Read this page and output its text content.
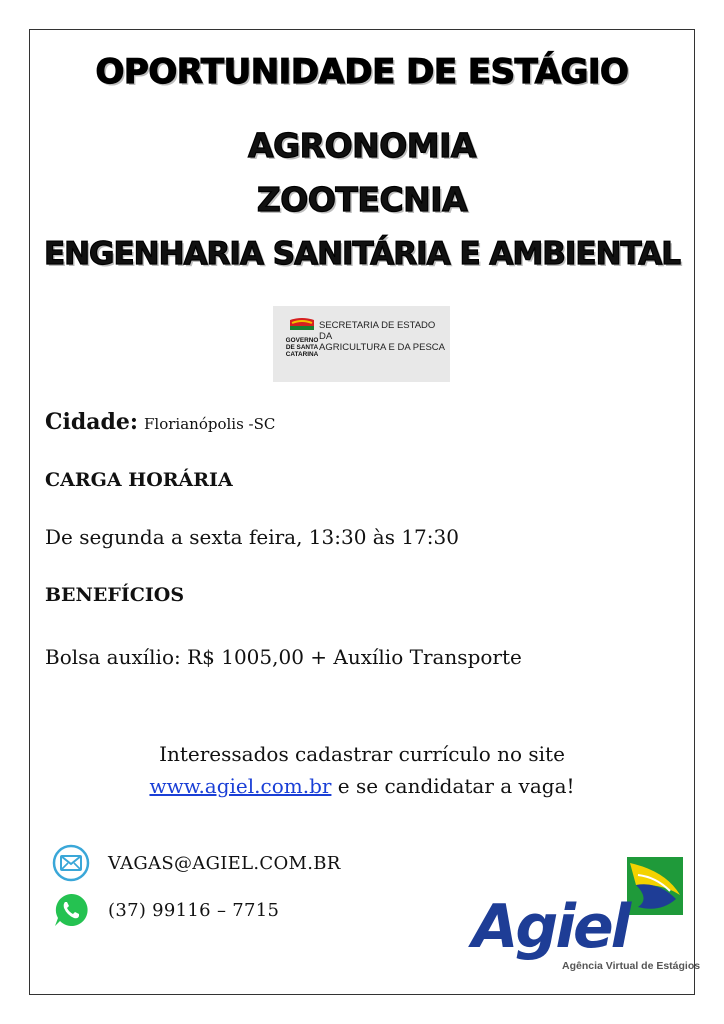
OPORTUNIDADE DE ESTÁGIO
AGRONOMIA
ZOOTECNIA
ENGENHARIA SANITÁRIA E AMBIENTAL
GOVERNO
DE SANTA
CATARINA
SECRETARIA DE ESTADO DA
AGRICULTURA E DA PESCA
Cidade: Florianópolis -SC
CARGA HORÁRIA
De segunda a sexta feira, 13:30 às 17:30
BENEFÍCIOS
Bolsa auxílio: R$ 1005,00 + Auxílio Transporte
Interessados cadastrar currículo no site
www.agiel.com.br e se candidatar a vaga!
VAGAS@AGIEL.COM.BR
(37) 99116 – 7715	Agiel
Agência Virtual de Estágios
